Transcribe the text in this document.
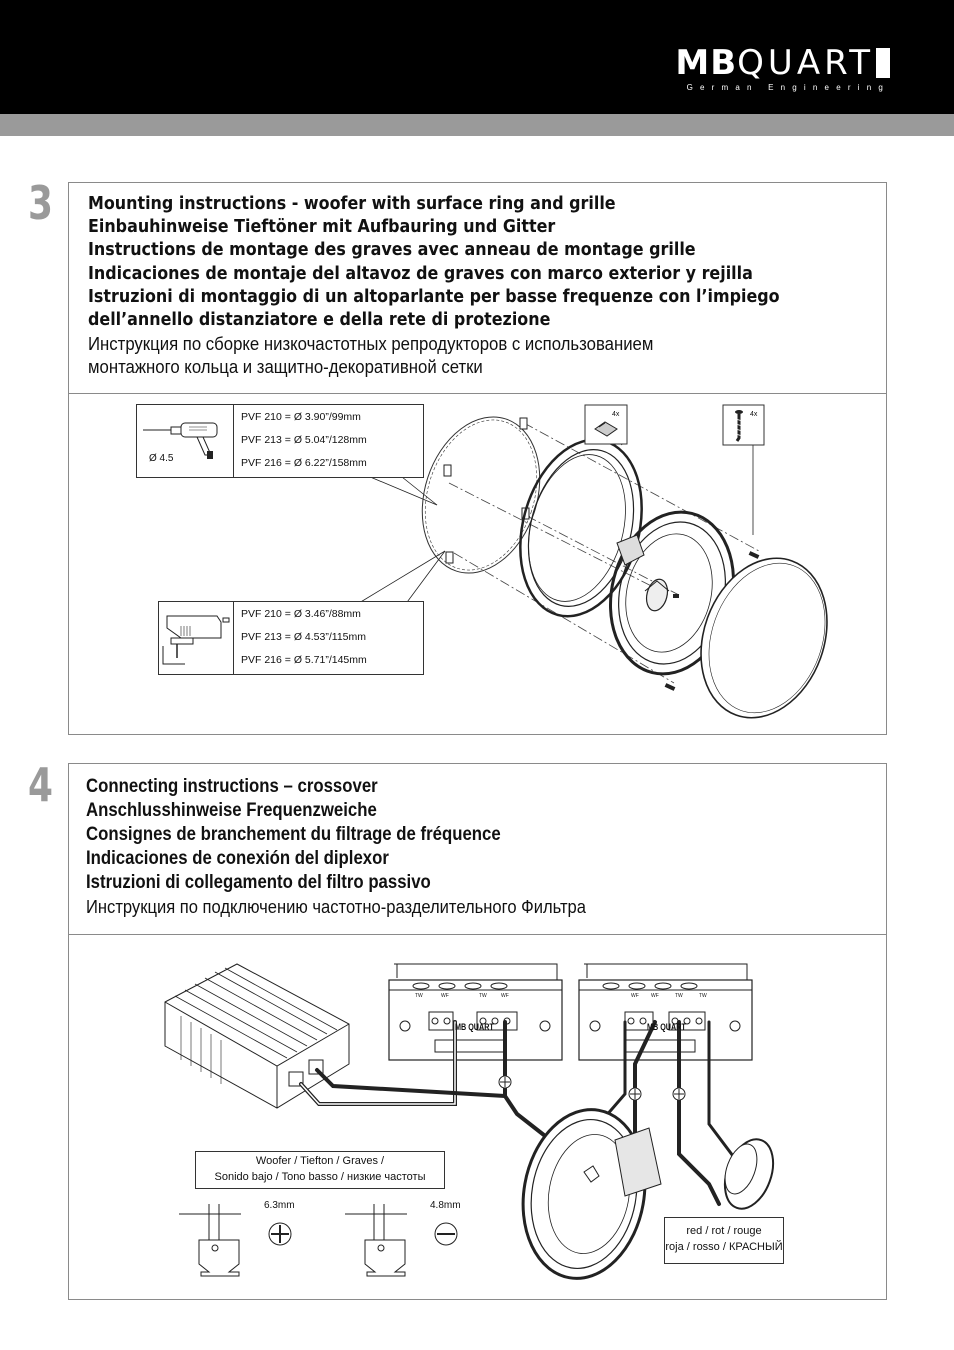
MBQUART
German Engineering
3 Mounting instructions - woofer with surface ring and grille
Einbauhinweise Tieftöner mit Aufbauring und Gitter
Instructions de montage des graves avec anneau de montage grille
Indicaciones de montaje del altavoz de graves con marco exterior y rejilla
Istruzioni di montaggio di un altoparlante per basse frequenze con l’impiego
dell’annello distanziatore e della rete di protezione
Инструкция по сборке низкочастотных репродукторов с использованием
монтажного кольца и защитно-декоративной сетки
4x	4x
Ø 4.5
PVF 210 = Ø 3.90”/99mm
PVF 213 = Ø 5.04”/128mm
PVF 216 = Ø 6.22”/158mm
PVF 210 = Ø 3.46”/88mm
PVF 213 = Ø 4.53”/115mm
PVF 216 = Ø 5.71”/145mm
4 Connecting instructions – crossover
Anschlusshinweise Frequenzweiche
Consignes de branchement du filtrage de fréquence
Indicaciones de conexión del diplexor
Istruzioni di collegamento del filtro passivo
Инструкция по подключению частотно-разделительного Фильтра
MB QUART	MB QUART
TW	WF	TW	WF	WF WF	TW	TW
Woofer / Tiefton / Graves /
Sonido bajo / Tono basso / низкие частоты
red / rot / rouge
roja / rosso / КРАСНЫЙ
6.3mm	4.8mm
